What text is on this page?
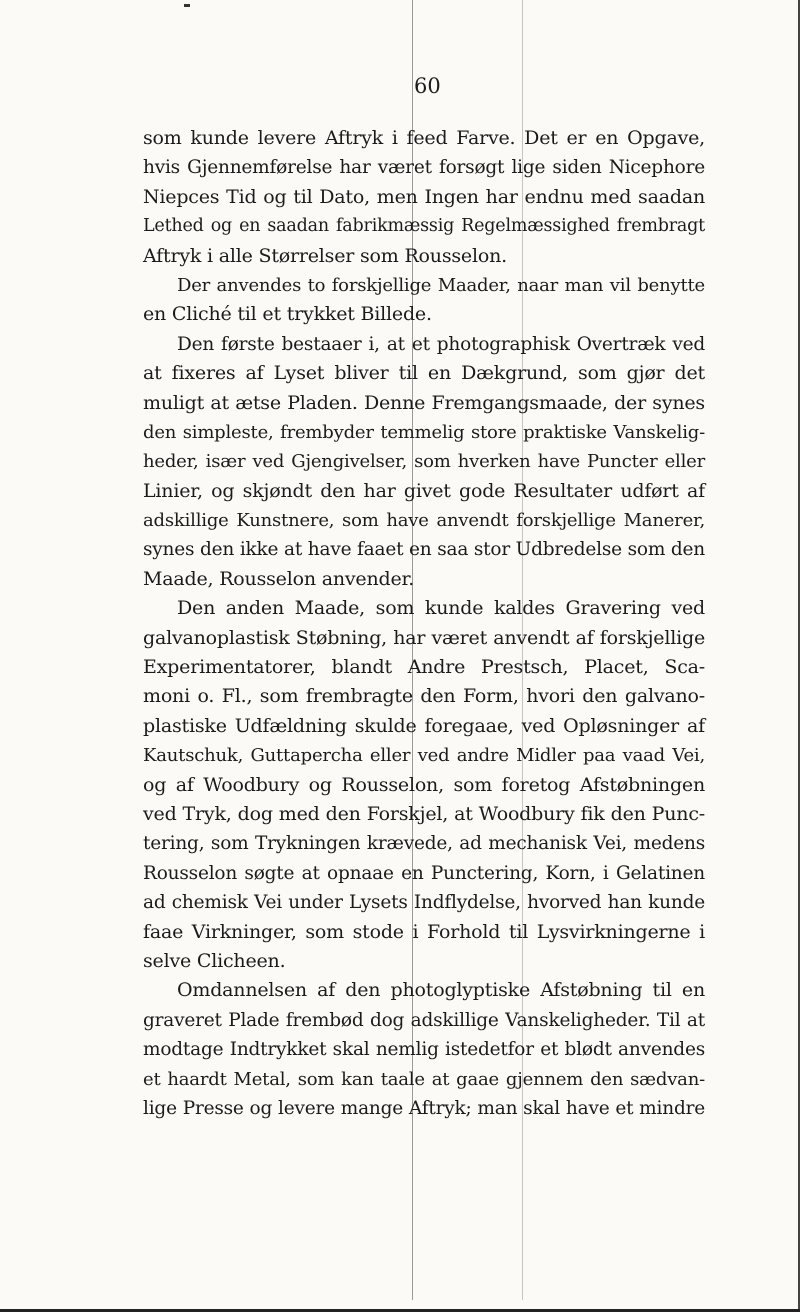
60
som kunde levere Aftryk i feed Farve. Det er en Opgave,
hvis Gjennemførelse har været forsøgt lige siden Nicephore
Niepces Tid og til Dato, men Ingen har endnu med saadan
Lethed og en saadan fabrikmæssig Regelmæssighed frembragt
Aftryk i alle Størrelser som Rousselon.
Der anvendes to forskjellige Maader, naar man vil benytte
en Cliché til et trykket Billede.
Den første bestaaer i, at et photographisk Overtræk ved
at fixeres af Lyset bliver til en Dækgrund, som gjør det
muligt at ætse Pladen. Denne Fremgangsmaade, der synes
den simpleste, frembyder temmelig store praktiske Vanskelig-
heder, især ved Gjengivelser, som hverken have Puncter eller
Linier, og skjøndt den har givet gode Resultater udført af
adskillige Kunstnere, som have anvendt forskjellige Manerer,
synes den ikke at have faaet en saa stor Udbredelse som den
Maade, Rousselon anvender.
Den anden Maade, som kunde kaldes Gravering ved
galvanoplastisk Støbning, har været anvendt af forskjellige
Experimentatorer, blandt Andre Prestsch, Placet, Sca-
moni o. Fl., som frembragte den Form, hvori den galvano-
plastiske Udfældning skulde foregaae, ved Opløsninger af
Kautschuk, Guttapercha eller ved andre Midler paa vaad Vei,
og af Woodbury og Rousselon, som foretog Afstøbningen
ved Tryk, dog med den Forskjel, at Woodbury fik den Punc-
tering, som Trykningen krævede, ad mechanisk Vei, medens
Rousselon søgte at opnaae en Punctering, Korn, i Gelatinen
ad chemisk Vei under Lysets Indflydelse, hvorved han kunde
faae Virkninger, som stode i Forhold til Lysvirkningerne i
selve Clicheen.
Omdannelsen af den photoglyptiske Afstøbning til en
graveret Plade frembød dog adskillige Vanskeligheder. Til at
modtage Indtrykket skal nemlig istedetfor et blødt anvendes
et haardt Metal, som kan taale at gaae gjennem den sædvan-
lige Presse og levere mange Aftryk; man skal have et mindre
